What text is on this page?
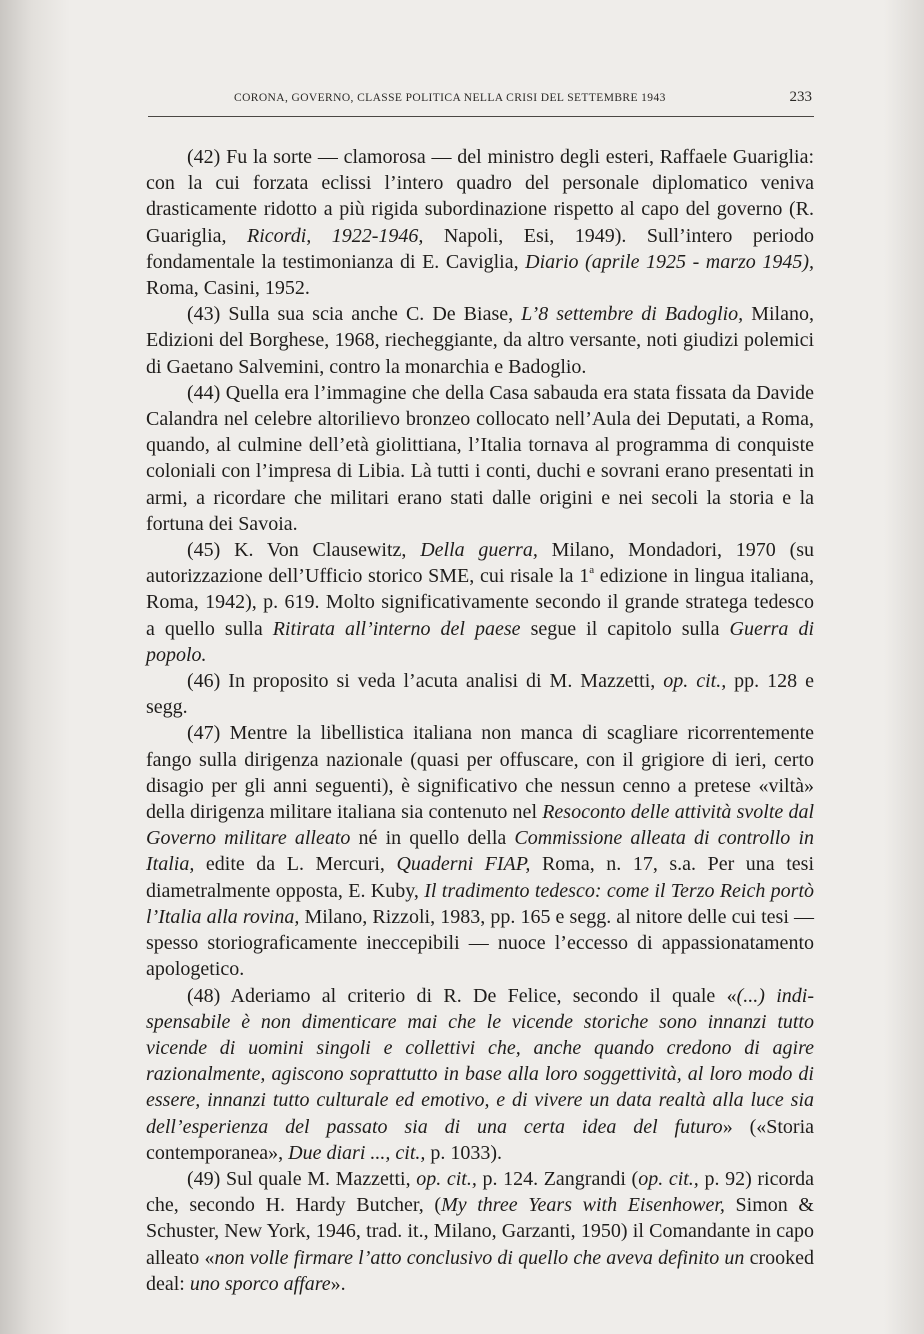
CORONA, GOVERNO, CLASSE POLITICA NELLA CRISI DEL SETTEMBRE 1943	233

(42) Fu la sorte — clamorosa — del ministro degli esteri, Raffaele Guariglia: con la cui forzata eclissi l’intero quadro del personale diplomatico veniva drasticamente ridotto a più rigida subordinazione rispetto al capo del governo (R. Guariglia, Ricordi, 1922-1946, Napoli, Esi, 1949). Sull’intero periodo fondamentale la testimonianza di E. Caviglia, Diario (aprile 1925 - marzo 1945), Roma, Casini, 1952.

(43) Sulla sua scia anche C. De Biase, L’8 settembre di Badoglio, Milano, Edizioni del Borghese, 1968, riecheggiante, da altro versante, noti giudizi polemici di Gaetano Salvemini, contro la monarchia e Badoglio.

(44) Quella era l’immagine che della Casa sabauda era stata fissata da Davide Calandra nel celebre altorilievo bronzeo collocato nell’Aula dei Deputati, a Roma, quando, al culmine dell’età giolittiana, l’Italia tornava al programma di conquiste coloniali con l’impresa di Libia. Là tutti i conti, duchi e sovrani erano presentati in armi, a ricordare che militari erano stati dalle origini e nei secoli la storia e la fortuna dei Savoia.

(45) K. Von Clausewitz, Della guerra, Milano, Mondadori, 1970 (su autorizzazione dell’Ufficio storico SME, cui risale la 1$^a$ edizione in lingua italiana, Roma, 1942), p. 619. Molto significativamente secondo il grande stratega tedesco a quello sulla Ritirata all’interno del paese segue il capitolo sulla Guerra di popolo.

(46) In proposito si veda l’acuta analisi di M. Mazzetti, op. cit., pp. 128 e segg.

(47) Mentre la libellistica italiana non manca di scagliare ricorrentemente fango sulla dirigenza nazionale (quasi per offuscare, con il grigiore di ieri, certo disagio per gli anni seguenti), è significativo che nessun cenno a pretese «viltà» della dirigenza militare italiana sia contenuto nel Resoconto delle attività svolte dal Governo militare alleato né in quello della Commissione alleata di controllo in Italia, edite da L. Mercuri, Quaderni FIAP, Roma, n. 17, s.a. Per una tesi diametralmente opposta, E. Kuby, Il tradimento tedesco: come il Terzo Reich portò l’Italia alla rovina, Milano, Rizzoli, 1983, pp. 165 e segg. al nitore delle cui tesi — spesso storiograficamente ineccepibili — nuoce l’eccesso di appassionatamento apologetico.

(48) Aderiamo al criterio di R. De Felice, secondo il quale «(...) indispensabile è non dimenticare mai che le vicende storiche sono innanzi tutto vicende di uomini singoli e collettivi che, anche quando credono di agire razionalmente, agiscono soprattutto in base alla loro soggettività, al loro modo di essere, innanzi tutto culturale ed emotivo, e di vivere un data realtà alla luce sia dell’esperienza del passato sia di una certa idea del futuro» («Storia contemporanea», Due diari ..., cit., p. 1033).

(49) Sul quale M. Mazzetti, op. cit., p. 124. Zangrandi (op. cit., p. 92) ricorda che, secondo H. Hardy Butcher, (My three Years with Eisenhower, Simon & Schuster, New York, 1946, trad. it., Milano, Garzanti, 1950) il Comandante in capo alleato «non volle firmare l’atto conclusivo di quello che aveva definito un crooked deal: uno sporco affare».
